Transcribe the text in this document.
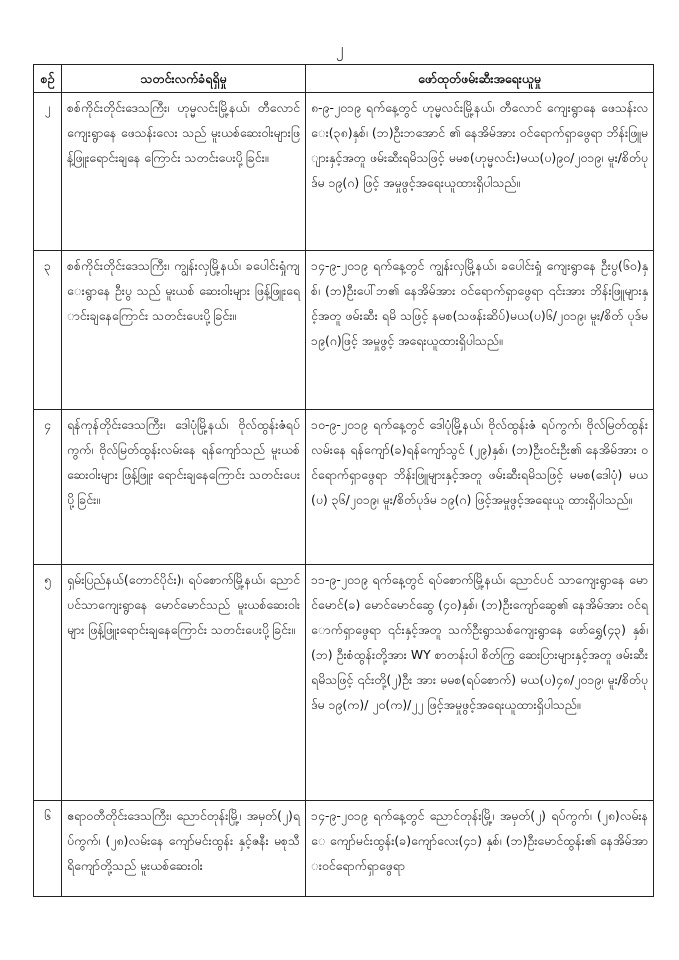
၂
စဉ်	သတင်းလက်ခံရရှိမှု	ဖော်ထုတ်ဖမ်းဆီးအရေးယူမှု
၂	စစ်ကိုင်းတိုင်းဒေသကြီး၊ ဟုမ္မလင်းမြို့နယ်၊ တီလောင်ကျေးရွာနေ ဖေသန်းလေး သည် မူးယစ်ဆေးဝါးများဖြန့်ဖြူးရောင်းချနေ ကြောင်း သတင်းပေးပို့ခြင်း။	၈-၉-၂၀၁၉ ရက်နေ့တွင် ဟုမ္မလင်းမြို့နယ်၊ တီလောင် ကျေးရွာနေ ဖေသန်းလေး(၃၈)နှစ်၊ (ဘ)ဦးဘအောင် ၏ နေအိမ်အား ဝင်ရောက်ရှာဖွေရာ ဘိန်းဖြူများနှင့်အတူ ဖမ်းဆီးရမိသဖြင့် မမစ(ဟုမ္မလင်း)မယ(ပ)၉၀/၂၀၁၉၊ မူး/စိတ်ပုဒ်မ ၁၉(ဂ) ဖြင့် အမှုဖွင့်အရေးယူထားရှိပါသည်။
၃	စစ်ကိုင်းတိုင်းဒေသကြီး၊ ကျွန်းလှမြို့နယ်၊ ခပေါင်းရှုံကျေးရွာနေ ဦးပွ သည် မူးယစ် ဆေးဝါးများ ဖြန့်ဖြူးရောင်းချနေကြောင်း သတင်းပေးပို့ခြင်း။	၁၄-၉-၂၀၁၉ ရက်နေ့တွင် ကျွန်းလှမြို့နယ်၊ ခပေါင်းရှုံ ကျေးရွာနေ ဦးပွ(၆၀)နှစ်၊ (ဘ)ဦးပေါ်ဘ၏ နေအိမ်အား ဝင်ရောက်ရှာဖွေရာ ၎င်းအား ဘိန်းဖြူများနှင့်အတူ ဖမ်းဆီး ရမိ သဖြင့် နမစ(သဖန်းဆိပ်)မယ(ပ)၆/၂၀၁၉၊ မူး/စိတ် ပုဒ်မ ၁၉(ဂ)ဖြင့် အမှုဖွင့် အရေးယူထားရှိပါသည်။
၄	ရန်ကုန်တိုင်းဒေသကြီး၊ ဒေါပုံမြို့နယ်၊ ဗိုလ်ထွန်းဇံရပ်ကွက်၊ ဗိုလ်မြတ်ထွန်းလမ်းနေ ရန်ကျော်သည် မူးယစ်ဆေးဝါးများ ဖြန့်ဖြူး ရောင်းချနေကြောင်း သတင်းပေးပို့ခြင်း။	၁၀-၉-၂၀၁၉ ရက်နေ့တွင် ဒေါပုံမြို့နယ်၊ ဗိုလ်ထွန်းဇံ ရပ်ကွက်၊ ဗိုလ်မြတ်ထွန်းလမ်းနေ ရန်ကျော်(ခ)ရန်ကျော်သွင် (၂၉)နှစ်၊ (ဘ)ဦးဝင်းဦး၏ နေအိမ်အား ဝင်ရောက်ရှာဖွေရာ ဘိန်းဖြူများနှင့်အတူ ဖမ်းဆီးရမိသဖြင့် မမစ(ဒေါပုံ) မယ (ပ) ၃၆/၂၀၁၉၊ မူး/စိတ်ပုဒ်မ ၁၉(ဂ) ဖြင့်အမှုဖွင့်အရေးယူ ထားရှိပါသည်။
၅	ရှမ်းပြည်နယ်(တောင်ပိုင်း)၊ ရပ်စောက်မြို့နယ်၊ ညောင်ပင်သာကျေးရွာနေ မောင်မောင်သည် မူးယစ်ဆေးဝါးများ ဖြန့်ဖြူးရောင်းချနေကြောင်း သတင်းပေးပို့ခြင်း။	၁၁-၉-၂၀၁၉ ရက်နေ့တွင် ရပ်စောက်မြို့နယ်၊ ညောင်ပင် သာကျေးရွာနေ မောင်မောင်(ခ) မောင်မောင်ဆွေ (၄၀)နှစ်၊ (ဘ)ဦးကျော်ဆွေ၏ နေအိမ်အား ဝင်ရောက်ရှာဖွေရာ ၎င်းနှင့်အတူ သက်ဦးရွာသစ်ကျေးရွာနေ ဖော်ရွှေ(၄၃) နှစ်၊ (ဘ) ဦးစံထွန်းတို့အား WY စာတန်းပါ စိတ်ကြွ ဆေးပြားများနှင့်အတူ ဖမ်းဆီးရမိသဖြင့် ၎င်းတို့(၂)ဦး အား မမစ(ရပ်စောက်) မယ(ပ)၄၈/၂၀၁၉၊ မူး/စိတ်ပုဒ်မ ၁၉(က)/ ၂၀(က)/၂၂ ဖြင့်အမှုဖွင့်အရေးယူထားရှိပါသည်။
၆	ဧရာဝတီတိုင်းဒေသကြီး၊ ညောင်တုန်းမြို့၊ အမှတ်(၂)ရပ်ကွက်၊ (၂၈)လမ်းနေ ကျော်မင်းထွန်း နှင့်ဇနီး မစုသီရိကျော်တို့သည် မူးယစ်ဆေးဝါး	၁၄-၉-၂၀၁၉ ရက်နေ့တွင် ညောင်တုန်းမြို့၊ အမှတ်(၂) ရပ်ကွက်၊ (၂၈)လမ်းနေ ကျော်မင်းထွန်း(ခ)ကျော်လေး(၄၁) နှစ်၊ (ဘ)ဦးမောင်ထွန်း၏ နေအိမ်အားဝင်ရောက်ရှာဖွေရာ
